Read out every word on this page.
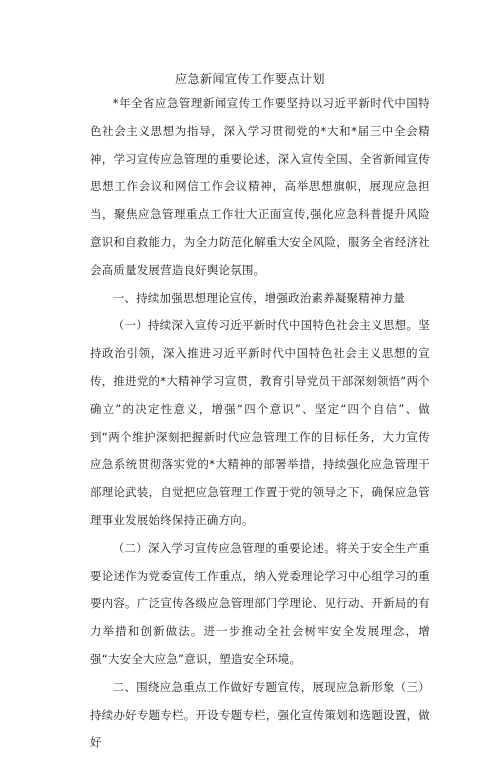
应急新闻宣传工作要点计划

*年全省应急管理新闻宣传工作要坚持以习近平新时代中国特色社会主义思想为指导，深入学习贯彻党的*大和*届三中全会精神，学习宣传应急管理的重要论述，深入宣传全国、全省新闻宣传思想工作会议和网信工作会议精神，高举思想旗帜，展现应急担当，聚焦应急管理重点工作壮大正面宣传,强化应急科普提升风险意识和自救能力，为全力防范化解重大安全风险，服务全省经济社会高质量发展营造良好舆论氛围。

一、持续加强思想理论宣传，增强政治素养凝聚精神力量

（一）持续深入宣传习近平新时代中国特色社会主义思想。坚持政治引领，深入推进习近平新时代中国特色社会主义思想的宣传，推进党的*大精神学习宣贯，教育引导党员干部深刻领悟“两个确立”的决定性意义，增强“四个意识”、坚定“四个自信”、做到“两个维护深刻把握新时代应急管理工作的目标任务，大力宣传应急系统贯彻落实党的*大精神的部署举措，持续强化应急管理干部理论武装，自觉把应急管理工作置于党的领导之下，确保应急管理事业发展始终保持正确方向。

（二）深入学习宣传应急管理的重要论述。将关于安全生产重要论述作为党委宣传工作重点，纳入党委理论学习中心组学习的重要内容。广泛宣传各级应急管理部门学理论、见行动、开新局的有力举措和创新做法。进一步推动全社会树牢安全发展理念，增强“大安全大应急”意识，塑造安全环境。

二、围绕应急重点工作做好专题宣传，展现应急新形象（三）持续办好专题专栏。开设专题专栏，强化宣传策划和选题设置，做好
